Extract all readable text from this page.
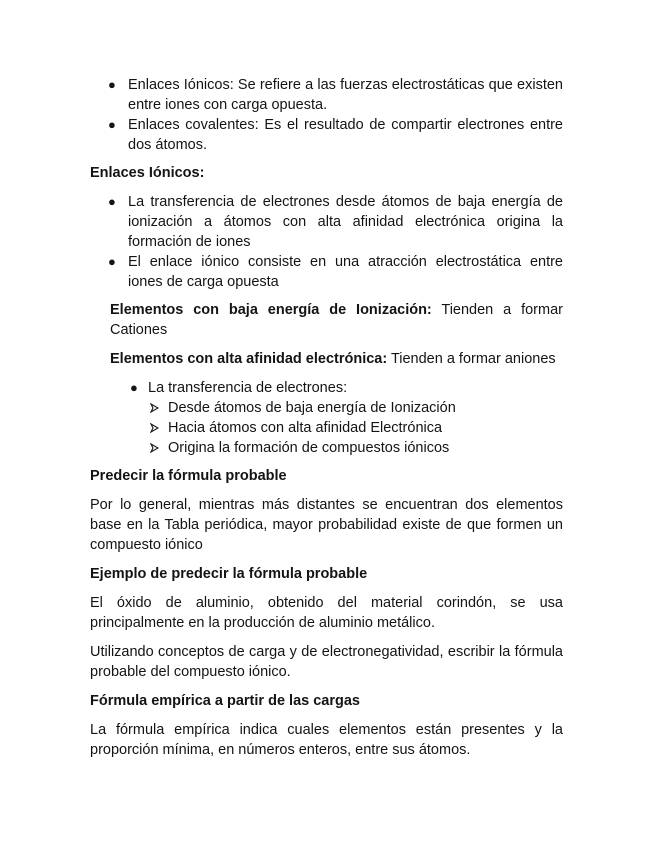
● Enlaces Iónicos: Se refiere a las fuerzas electrostáticas que existen entre iones con carga opuesta.
● Enlaces covalentes: Es el resultado de compartir electrones entre dos átomos.

Enlaces Iónicos:

● La transferencia de electrones desde átomos de baja energía de ionización a átomos con alta afinidad electrónica origina la formación de iones
● El enlace iónico consiste en una atracción electrostática entre iones de carga opuesta

Elementos con baja energía de Ionización: Tienden a formar Cationes

Elementos con alta afinidad electrónica: Tienden a formar aniones

● La transferencia de electrones:
Desde átomos de baja energía de Ionización
Hacia átomos con alta afinidad Electrónica
Origina la formación de compuestos iónicos

Predecir la fórmula probable

Por lo general, mientras más distantes se encuentran dos elementos base en la Tabla periódica, mayor probabilidad existe de que formen un compuesto iónico

Ejemplo de predecir la fórmula probable

El óxido de aluminio, obtenido del material corindón, se usa principalmente en la producción de aluminio metálico.

Utilizando conceptos de carga y de electronegatividad, escribir la fórmula probable del compuesto iónico.

Fórmula empírica a partir de las cargas

La fórmula empírica indica cuales elementos están presentes y la proporción mínima, en números enteros, entre sus átomos.
